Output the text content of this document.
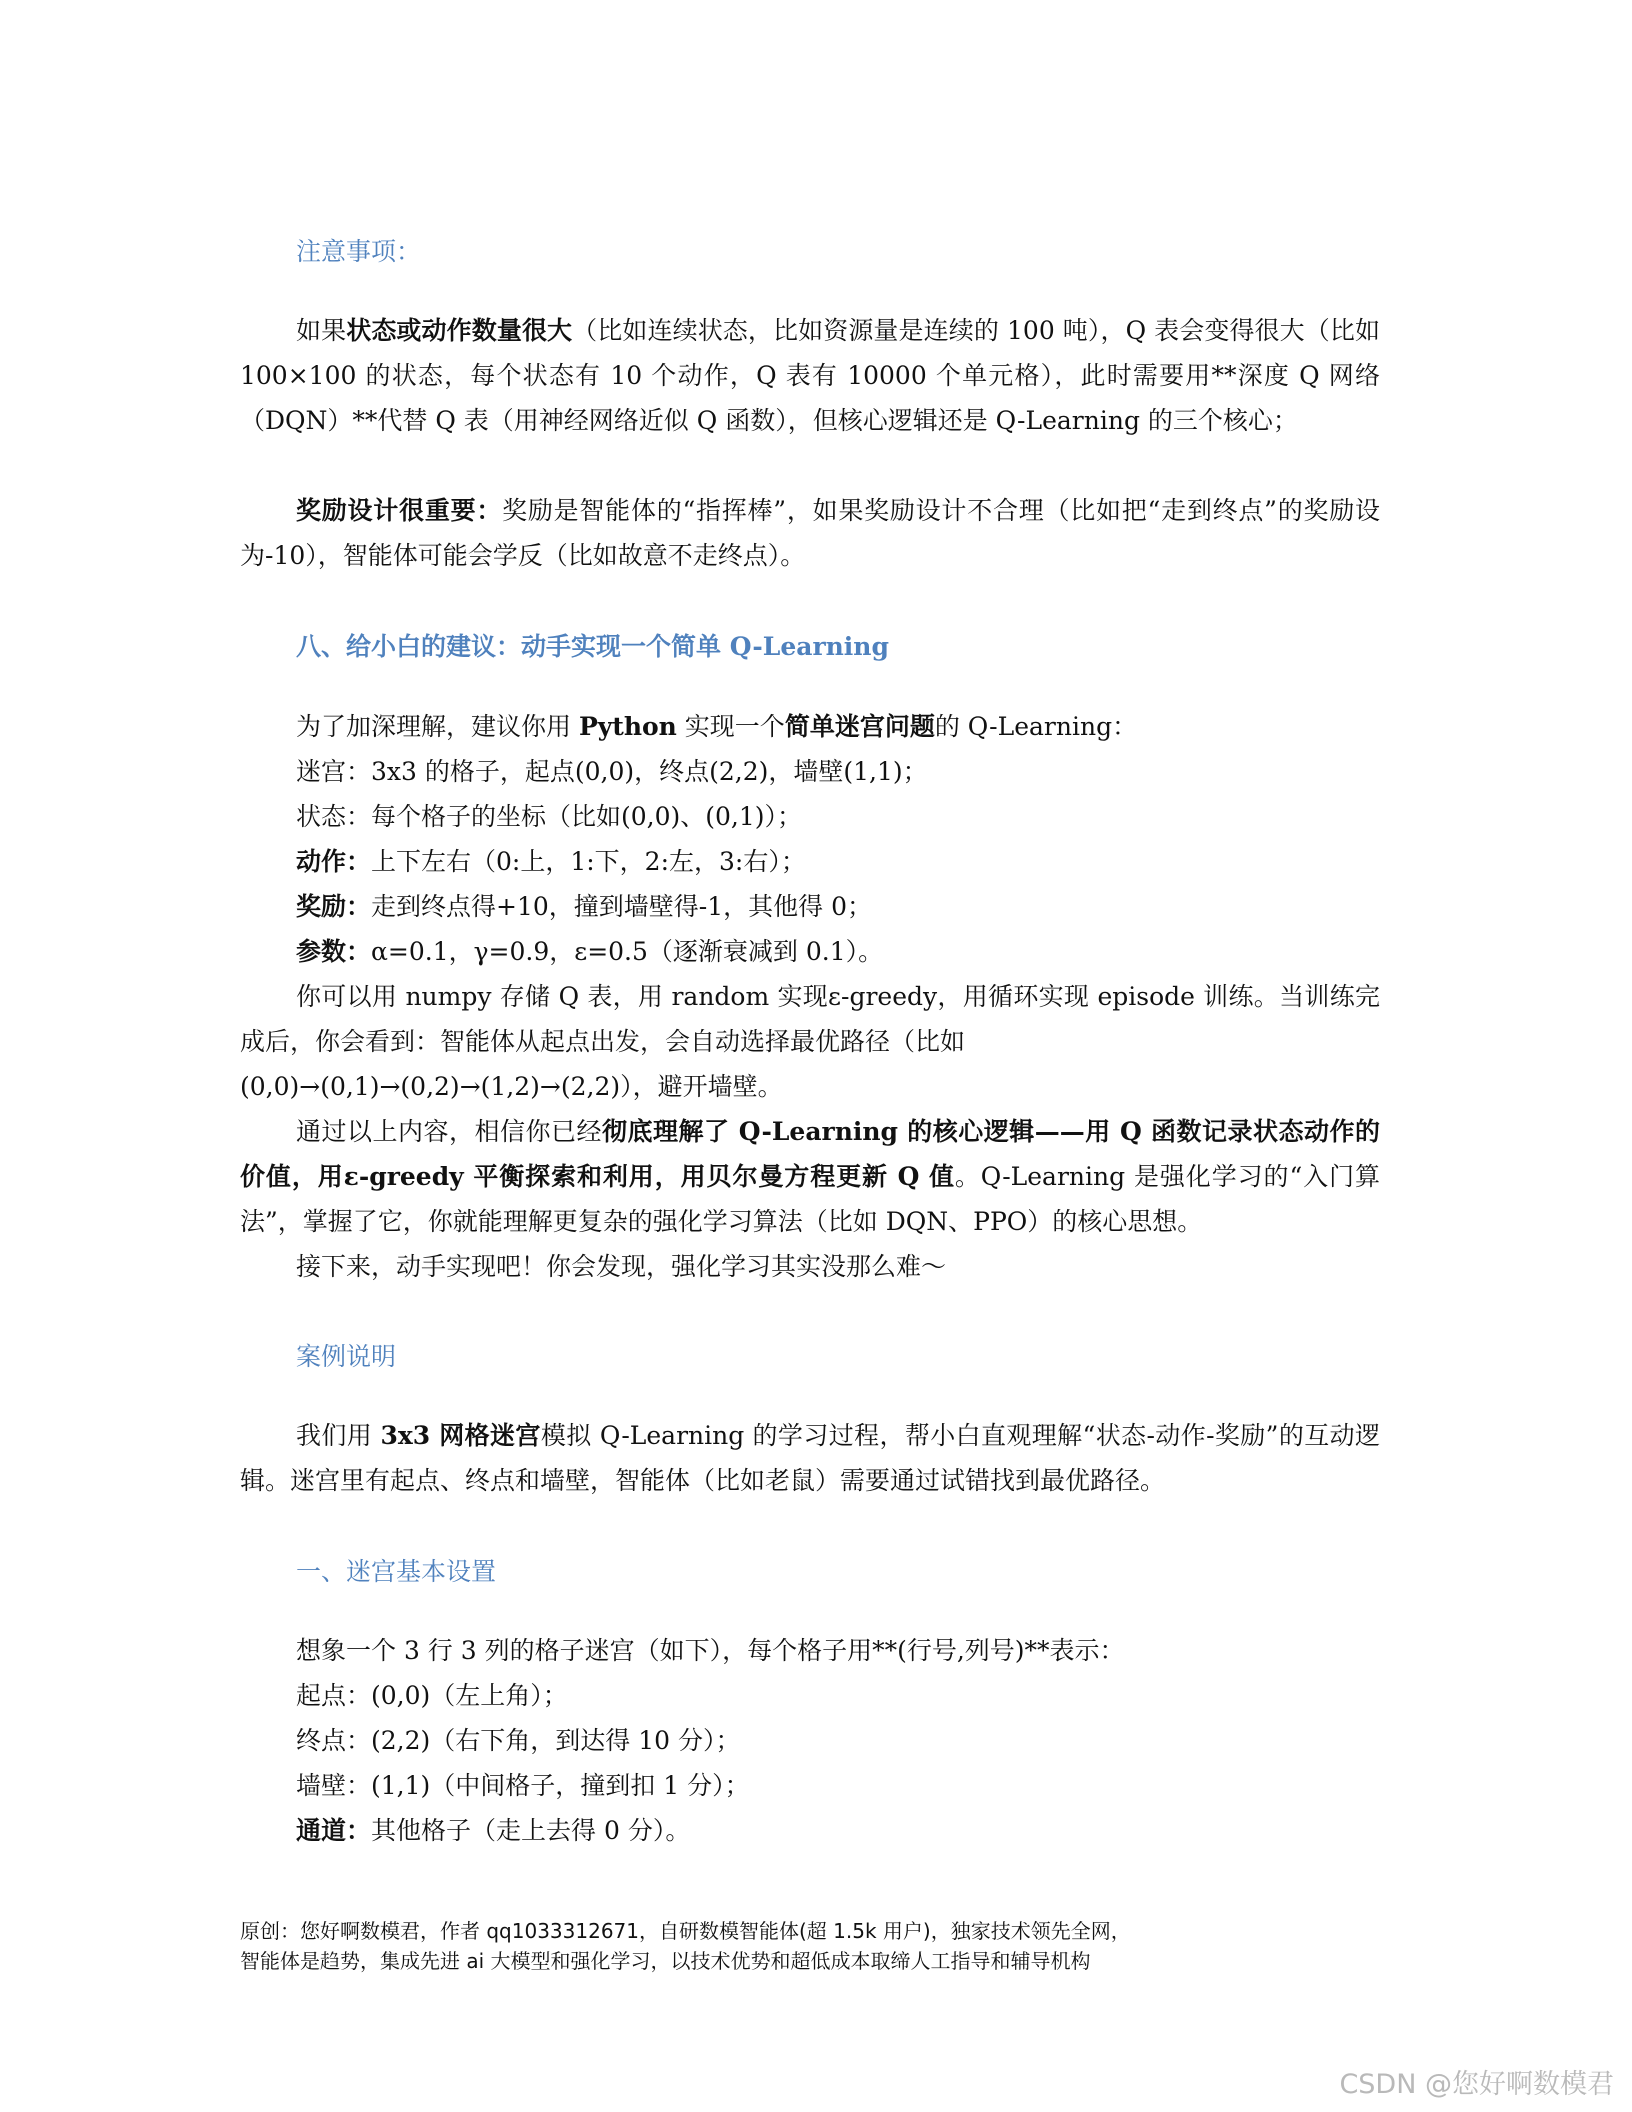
注意事项：

如果状态或动作数量很大（比如连续状态，比如资源量是连续的 100 吨），Q 表会变得很大（比如 100×100 的状态，每个状态有 10 个动作，Q 表有 10000 个单元格），此时需要用**深度 Q 网络（DQN）**代替 Q 表（用神经网络近似 Q 函数），但核心逻辑还是 Q-Learning 的三个核心；

奖励设计很重要：奖励是智能体的“指挥棒”，如果奖励设计不合理（比如把“走到终点”的奖励设为-10），智能体可能会学反（比如故意不走终点）。

八、给小白的建议：动手实现一个简单 Q-Learning

为了加深理解，建议你用 Python 实现一个简单迷宫问题的 Q-Learning：

迷宫：3x3 的格子，起点(0,0)，终点(2,2)，墙壁(1,1)；

状态：每个格子的坐标（比如(0,0)、(0,1)）；

动作：上下左右（0:上，1:下，2:左，3:右）；

奖励：走到终点得+10，撞到墙壁得-1，其他得 0；

参数：α=0.1，γ=0.9，ε=0.5（逐渐衰减到 0.1）。

你可以用 numpy 存储 Q 表，用 random 实现ε-greedy，用循环实现 episode 训练。当训练完成后，你会看到：智能体从起点出发，会自动选择最优路径（比如
(0,0)→(0,1)→(0,2)→(1,2)→(2,2)），避开墙壁。

通过以上内容，相信你已经彻底理解了 Q-Learning 的核心逻辑——用 Q 函数记录状态动作的价值，用ε-greedy 平衡探索和利用，用贝尔曼方程更新 Q 值。Q-Learning 是强化学习的“入门算法”，掌握了它，你就能理解更复杂的强化学习算法（比如 DQN、PPO）的核心思想。

接下来，动手实现吧！你会发现，强化学习其实没那么难～

案例说明

我们用 3x3 网格迷宫模拟 Q-Learning 的学习过程，帮小白直观理解“状态-动作-奖励”的互动逻辑。迷宫里有起点、终点和墙壁，智能体（比如老鼠）需要通过试错找到最优路径。

一、迷宫基本设置

想象一个 3 行 3 列的格子迷宫（如下），每个格子用**(行号,列号)**表示：

起点：(0,0)（左上角）；

终点：(2,2)（右下角，到达得 10 分）；

墙壁：(1,1)（中间格子，撞到扣 1 分）；

通道：其他格子（走上去得 0 分）。

原创：您好啊数模君，作者 qq1033312671，自研数模智能体(超 1.5k 用户)，独家技术领先全网，
智能体是趋势，集成先进 ai 大模型和强化学习，以技术优势和超低成本取缔人工指导和辅导机构
CSDN @您好啊数模君
